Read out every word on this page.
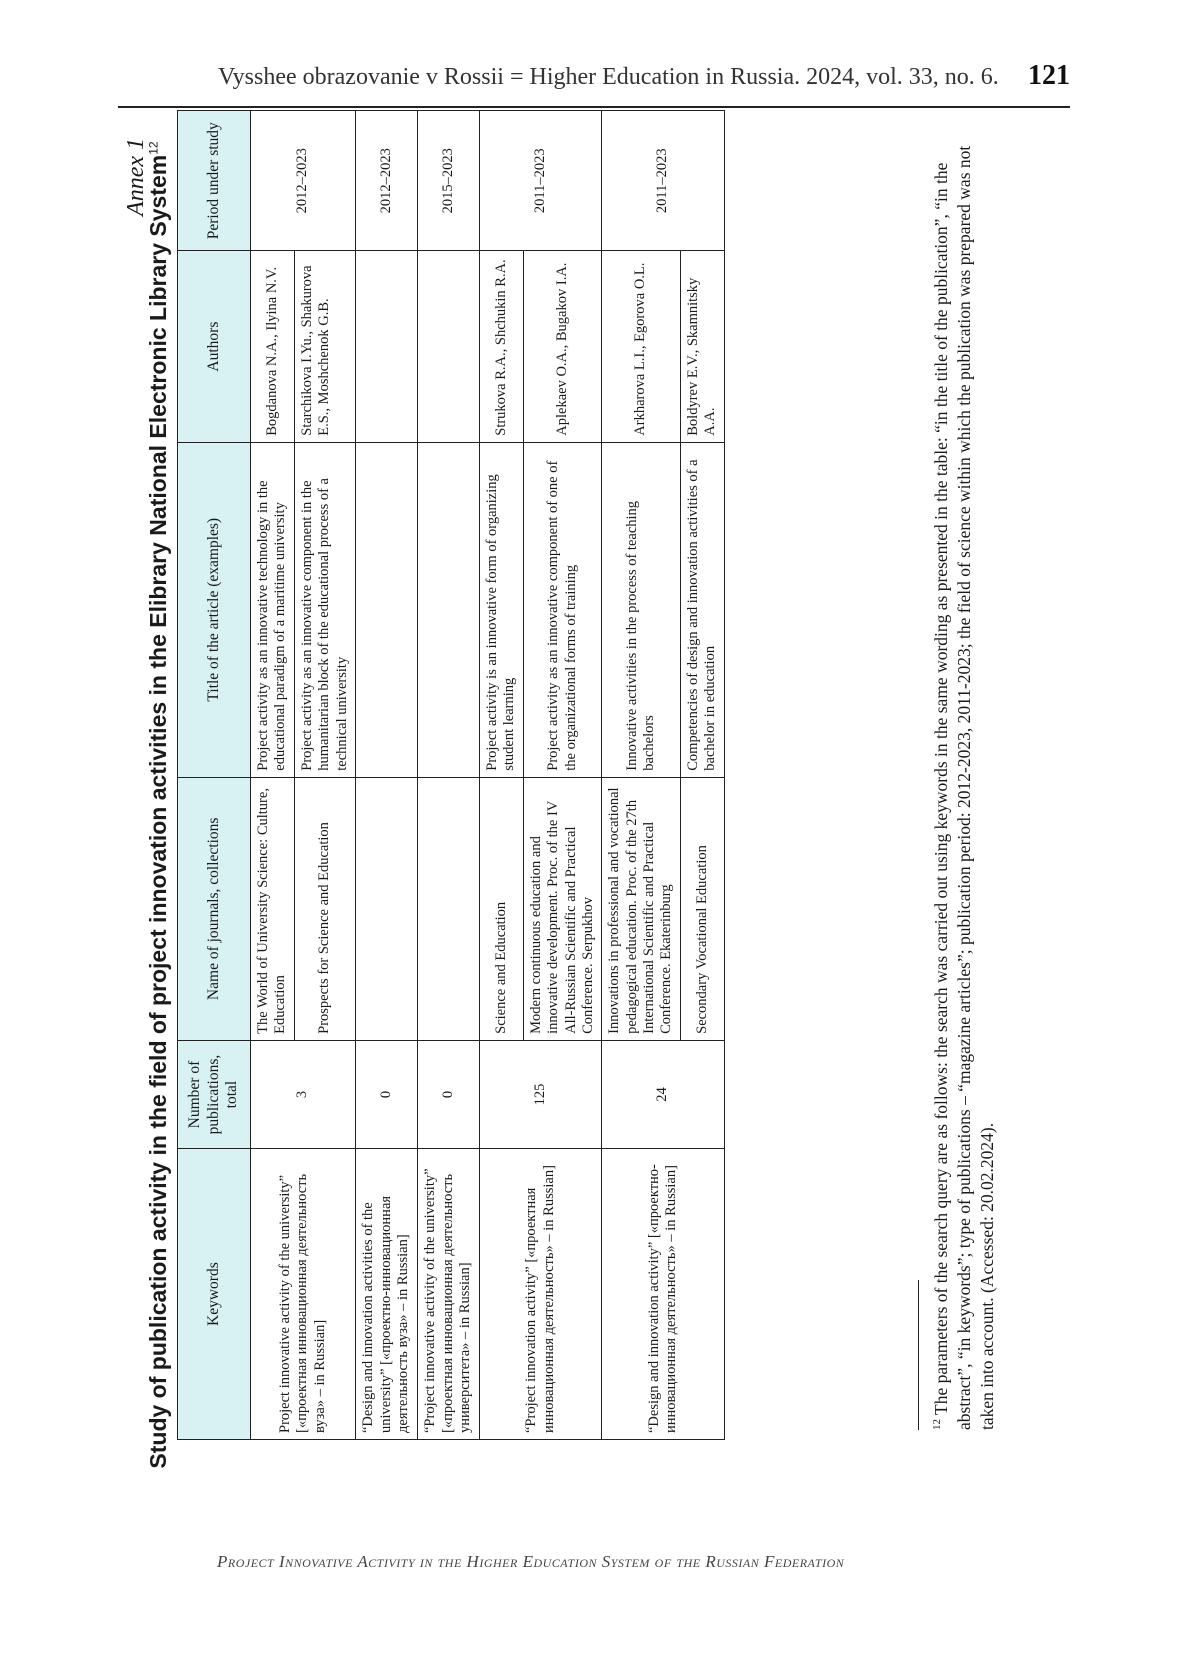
Vysshee obrazovanie v Rossii = Higher Education in Russia. 2024, vol. 33, no. 6. 121
Annex 1
Study of publication activity in the field of project innovation activities in the Elibrary National Electronic Library System$^{12}$
Keywords	Number of publications, total	Name of journals, collections	Title of the article (examples)	Authors	Period under study
Project innovative activity of the university” [«проектная инновационная деятельность вуза» – in Russian]	3	The World of University Science: Culture, Education	Project activity as an innovative technology in the educational paradigm of a maritime university	Bogdanova N.A., Ilyina N.V.	2012–2023
		Prospects for Science and Education	Project activity as an innovative component in the humanitarian block of the educational process of a technical university	Starchikova I.Yu., Shakurova E.S., Moshchenok G.B.	
“Design and innovation activities of the university” [«проектно-инновационная деятельность вуза» – in Russian]	0				2012–2023
“Project innovative activity of the university” [«проектная инновационная деятельность университета» – in Russian]	0				2015–2023
“Project innovation activity” [«проектная инновационная деятельность» – in Russian]	125	Science and Education	Project activity is an innovative form of organizing student learning	Strukova R.A., Shchukin R.A.	2011–2023
		Modern continuous education and innovative development. Proc. of the IV All-Russian Scientific and Practical Conference. Serpukhov	Project activity as an innovative component of one of the organizational forms of training	Aplekaev O.A., Bugakov I.A.	
“Design and innovation activity” [«проектно-инновационная деятельность» – in Russian]	24	Innovations in professional and vocational pedagogical education. Proc. of the 27th International Scientific and Practical Conference. Ekaterinburg	Innovative activities in the process of teaching bachelors	Arkharova L.I., Egorova O.L.	2011–2023
		Secondary Vocational Education	Competencies of design and innovation activities of a bachelor in education	Boldyrev E.V., Skamnitsky A.A.	
$^{12}$ The parameters of the search query are as follows: the search was carried out using keywords in the same wording as presented in the table: “in the title of the publication”, “in the abstract”, “in keywords”; type of publications – “magazine articles”; publication period: 2012-2023, 2011-2023; the field of science within which the publication was prepared was not taken into account. (Accessed: 20.02.2024).
Project Innovative Activity in the Higher Education System of the Russian Federation
